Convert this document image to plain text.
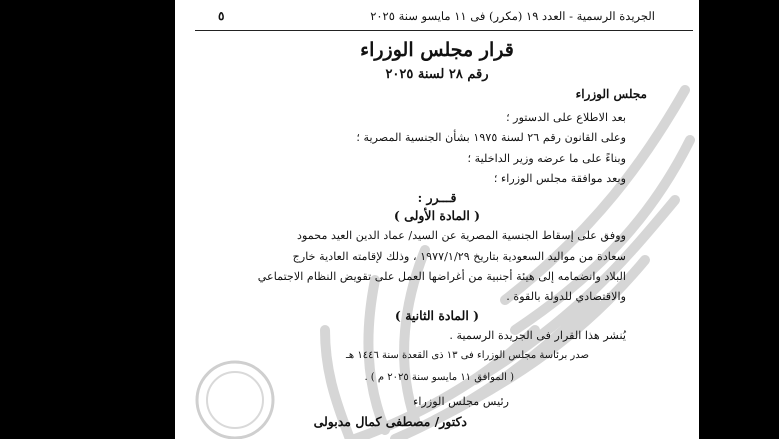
الجريدة الرسمية - العدد ١٩ (مكرر) فى ١١ مايسو سنة ٢٠٢٥
٥
قرار مجلس الوزراء
رقم ٢٨ لسنة ٢٠٢٥
مجلس الوزراء
بعد الاطلاع على الدستور ؛
وعلى القانون رقم ٢٦ لسنة ١٩٧٥ بشأن الجنسية المصرية ؛
وبناءً على ما عرضه وزير الداخلية ؛
وبعد موافقة مجلس الوزراء ؛
قـــرر :
( المادة الأولى )
ووفق على إسقاط الجنسية المصرية عن السيد/ عماد الدين العيد محمود
سعادة من مواليد السعودية بتاريخ ١٩٧٧/١/٢٩ ، وذلك لإقامته العادية خارج
البلاد وانضمامه إلى هيئة أجنبية من أغراضها العمل على تقويض النظام الاجتماعي
والاقتصادي للدولة بالقوة .
( المادة الثانية )
يُنشر هذا القرار فى الجريدة الرسمية .
صدر برئاسة مجلس الوزراء فى ١٣ ذى القعدة سنة ١٤٤٦ هـ
( الموافق ١١ مايسو سنة ٢٠٢٥ م ) .
رئيس مجلس الوزراء
دكتور/ مصطفى كمال مدبولى
